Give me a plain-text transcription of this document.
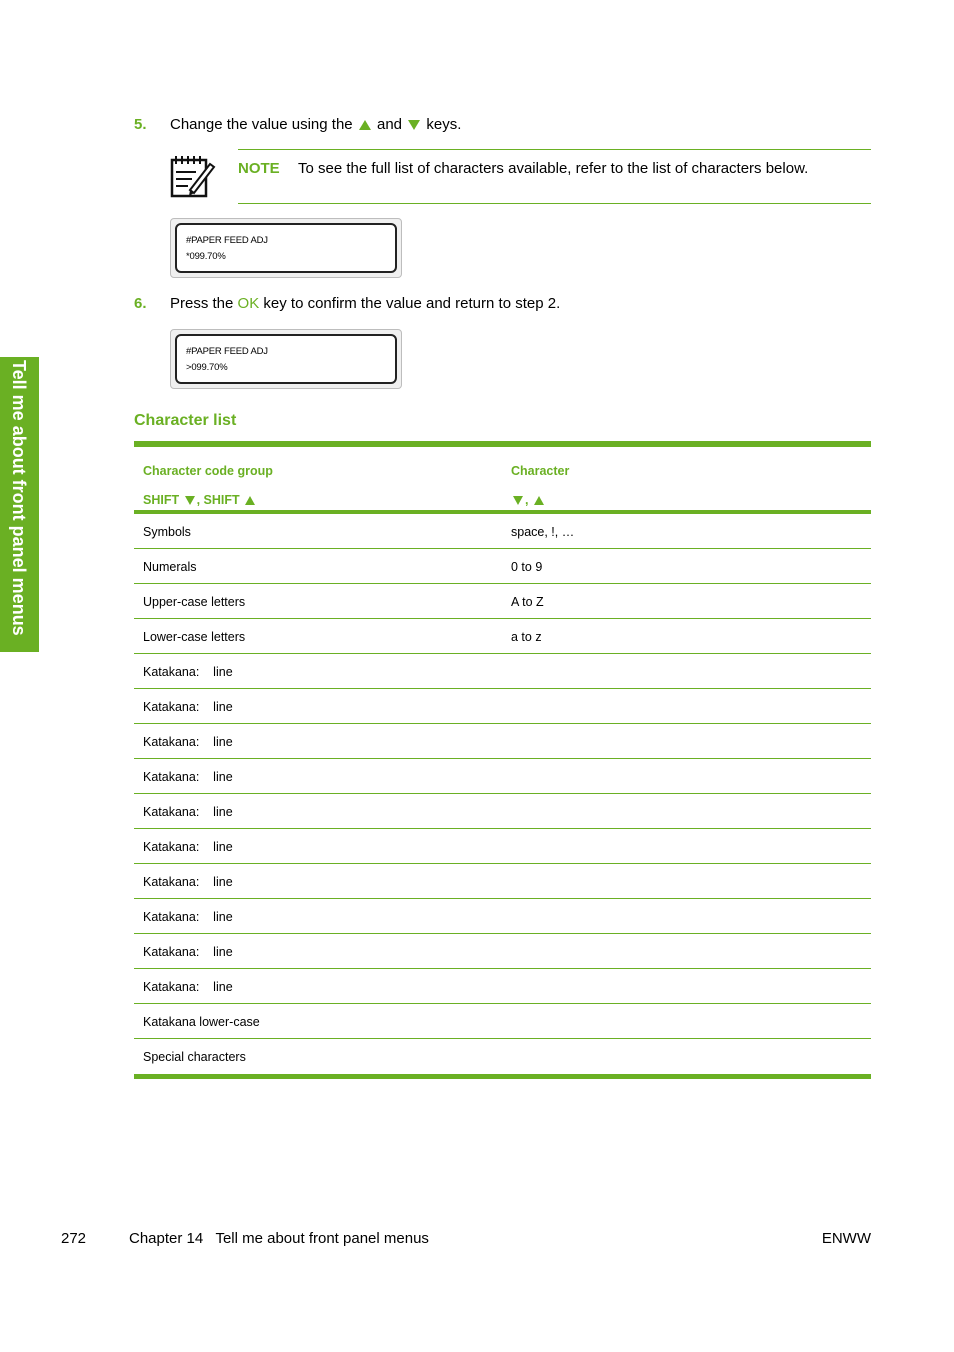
Tell me about front panel menus
5. Change the value using the and keys.
NOTE To see the full list of characters available, refer to the list of characters below.
#PAPER FEED ADJ
*099.70%
6. Press the OK key to confirm the value and return to step 2.
#PAPER FEED ADJ
>099.70%
Character list
Character code group	Character
SHIFT , SHIFT	,
Symbols	space, !, …
Numerals	0 to 9
Upper-case letters	A to Z
Lower-case letters	a to z
Katakana:    line
Katakana:    line
Katakana:    line
Katakana:    line
Katakana:    line
Katakana:    line
Katakana:    line
Katakana:    line
Katakana:    line
Katakana:    line
Katakana lower-case
Special characters
272	Chapter 14   Tell me about front panel menus	ENWW
